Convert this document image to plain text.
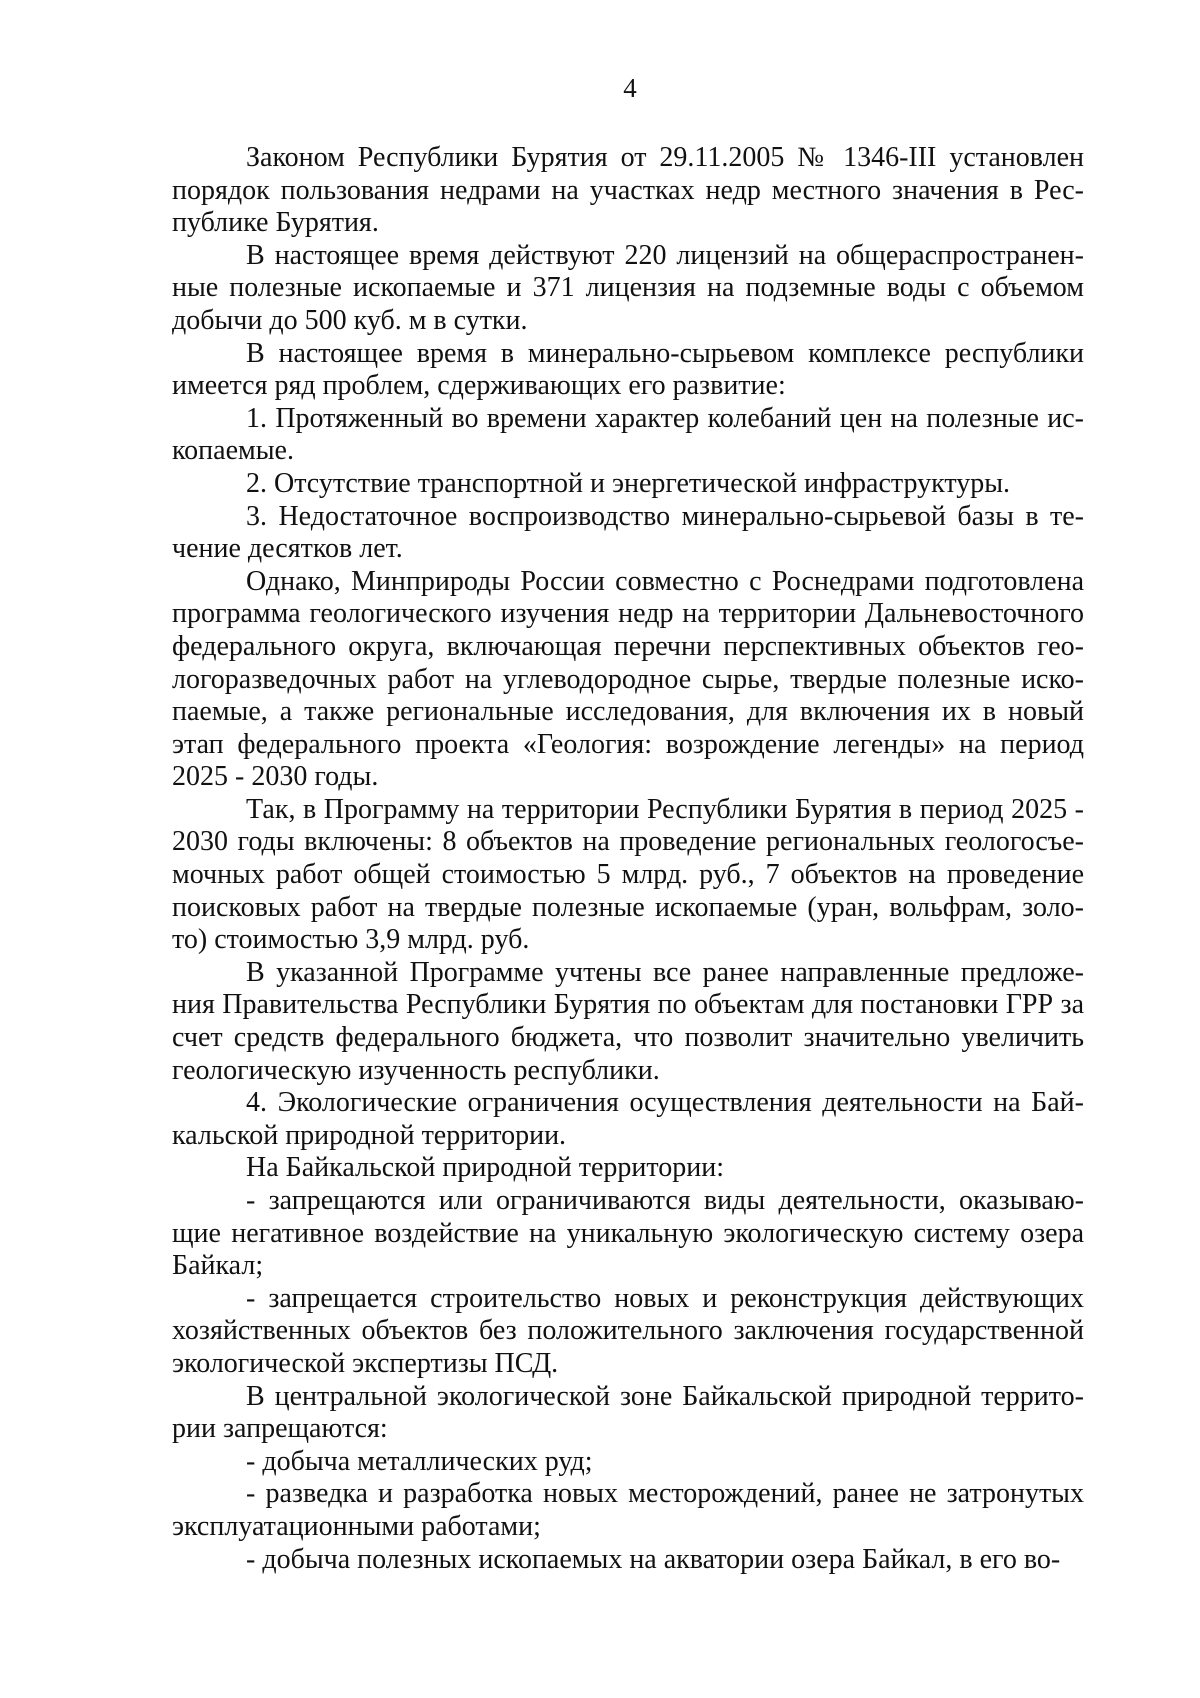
4

Законом Республики Бурятия от 29.11.2005 № 1346-III установлен порядок пользования недрами на участках недр местного значения в Республике Бурятия.

В настоящее время действуют 220 лицензий на общераспространенные полезные ископаемые и 371 лицензия на подземные воды с объемом добычи до 500 куб. м в сутки.

В настоящее время в минерально-сырьевом комплексе республики имеется ряд проблем, сдерживающих его развитие:

1. Протяженный во времени характер колебаний цен на полезные ископаемые.

2. Отсутствие транспортной и энергетической инфраструктуры.

3. Недостаточное воспроизводство минерально-сырьевой базы в течение десятков лет.

Однако, Минприроды России совместно с Роснедрами подготовлена программа геологического изучения недр на территории Дальневосточного федерального округа, включающая перечни перспективных объектов геологоразведочных работ на углеводородное сырье, твердые полезные ископаемые, а также региональные исследования, для включения их в новый этап федерального проекта «Геология: возрождение легенды» на период 2025 - 2030 годы.

Так, в Программу на территории Республики Бурятия в период 2025 - 2030 годы включены: 8 объектов на проведение региональных геологосъемочных работ общей стоимостью 5 млрд. руб., 7 объектов на проведение поисковых работ на твердые полезные ископаемые (уран, вольфрам, золото) стоимостью 3,9 млрд. руб.

В указанной Программе учтены все ранее направленные предложения Правительства Республики Бурятия по объектам для постановки ГРР за счет средств федерального бюджета, что позволит значительно увеличить геологическую изученность республики.

4. Экологические ограничения осуществления деятельности на Байкальской природной территории.

На Байкальской природной территории:

- запрещаются или ограничиваются виды деятельности, оказывающие негативное воздействие на уникальную экологическую систему озера Байкал;

- запрещается строительство новых и реконструкция действующих хозяйственных объектов без положительного заключения государственной экологической экспертизы ПСД.

В центральной экологической зоне Байкальской природной территории запрещаются:

- добыча металлических руд;

- разведка и разработка новых месторождений, ранее не затронутых эксплуатационными работами;

- добыча полезных ископаемых на акватории озера Байкал, в его во-
